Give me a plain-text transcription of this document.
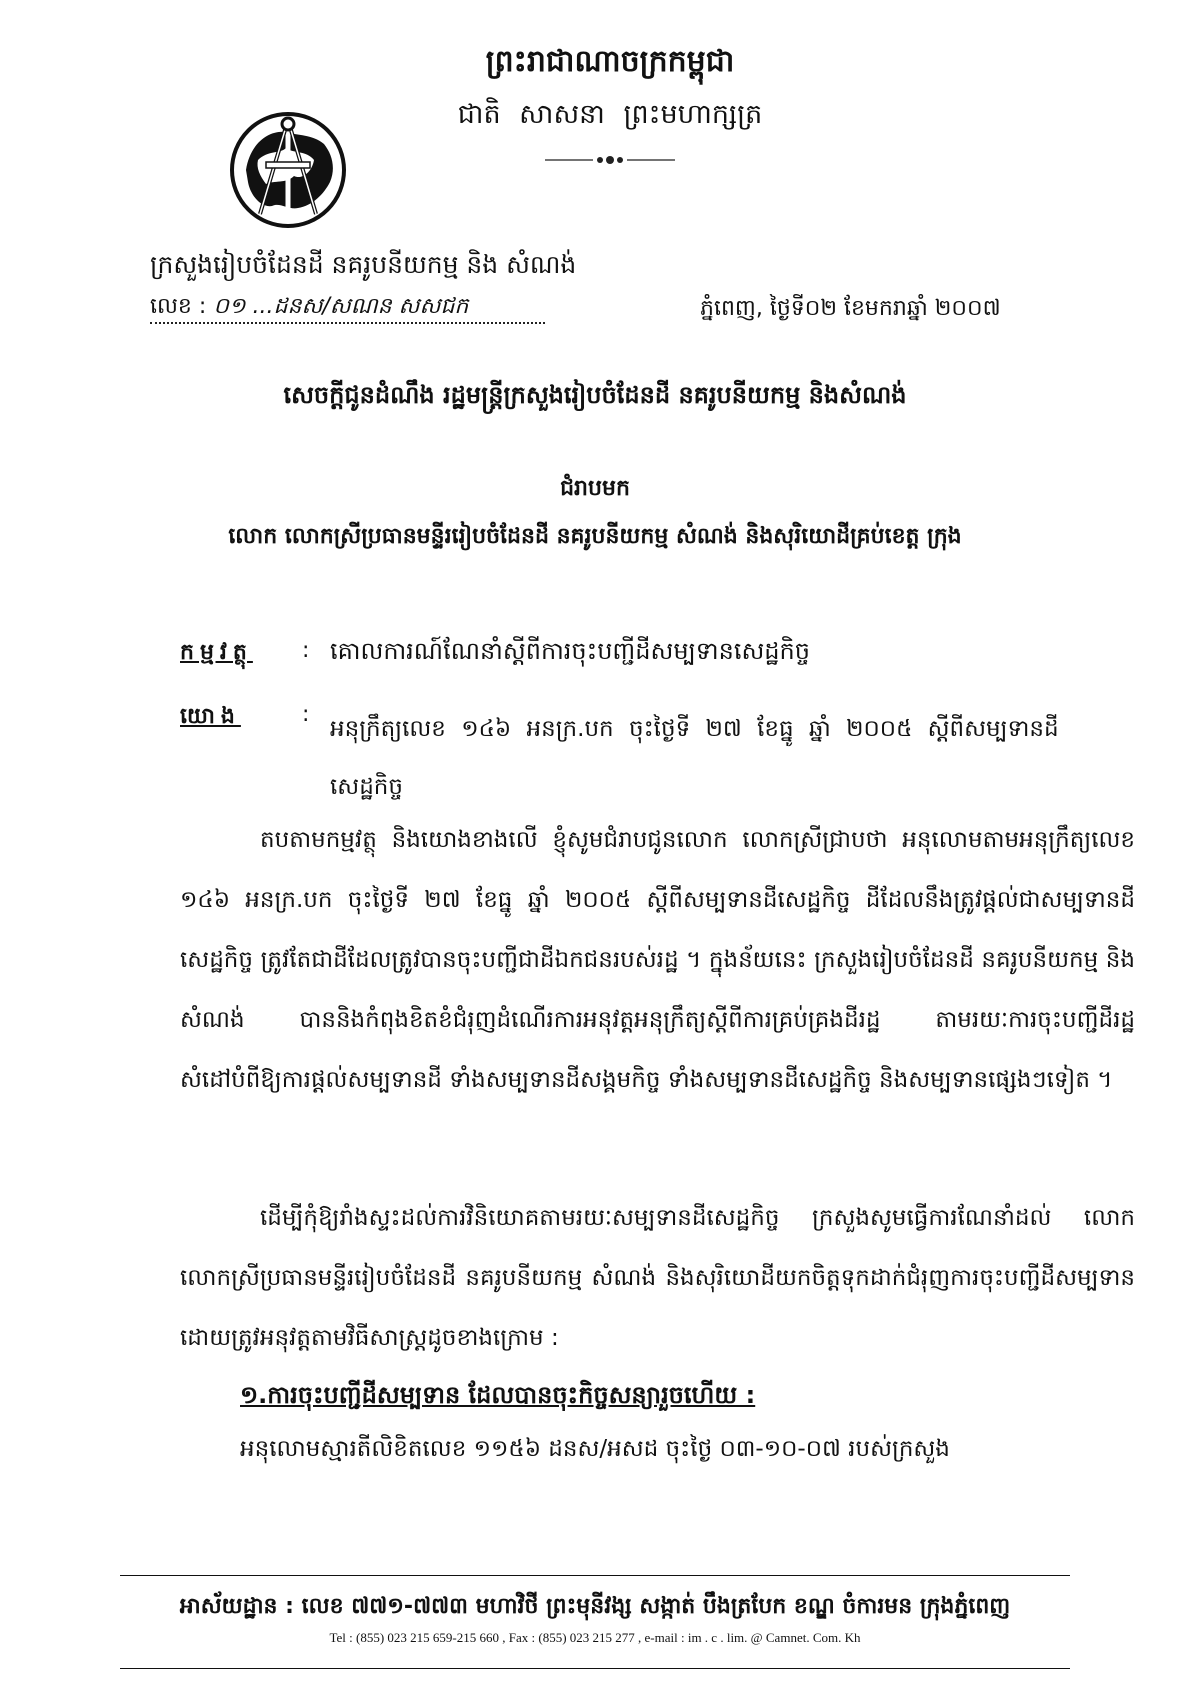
ព្រះរាជាណាចក្រកម្ពុជា
ជាតិ សាសនា ព្រះមហាក្សត្រ
ក្រសួងរៀបចំដែនដី នគរូបនីយកម្ម និង សំណង់
លេខ : ០១ ...ដនស/សណន សសជក	ភ្នំពេញ, ថ្ងៃទី០២ ខែមករាឆ្នាំ ២០០៧
សេចក្តីជូនដំណឹង រដ្ឋមន្ត្រីក្រសួងរៀបចំដែនដី នគរូបនីយកម្ម និងសំណង់
ជំរាបមក
លោក លោកស្រីប្រធានមន្ទីររៀបចំដែនដី នគរូបនីយកម្ម សំណង់ និងសុរិយោដីគ្រប់ខេត្ត ក្រុង
កម្មវត្ថុ : គោលការណ៍ណែនាំស្តីពីការចុះបញ្ជីដីសម្បទានសេដ្ឋកិច្ច
យោង	:
អនុក្រឹត្យលេខ ១៤៦ អនក្រ.បក ចុះថ្ងៃទី ២៧ ខែធ្នូ ឆ្នាំ ២០០៥ ស្តីពីសម្បទានដីសេដ្ឋកិច្ច
តបតាមកម្មវត្ថុ និងយោងខាងលើ ខ្ញុំសូមជំរាបជូនលោក លោកស្រីជ្រាបថា អនុលោមតាមអនុក្រឹត្យលេខ ១៤៦ អនក្រ.បក ចុះថ្ងៃទី ២៧ ខែធ្នូ ឆ្នាំ ២០០៥ ស្តីពីសម្បទានដីសេដ្ឋកិច្ច ដីដែលនឹងត្រូវផ្តល់ជាសម្បទានដីសេដ្ឋកិច្ច ត្រូវតែជាដីដែលត្រូវបានចុះបញ្ជីជាដីឯកជនរបស់រដ្ឋ ។ ក្នុងន័យនេះ ក្រសួងរៀបចំដែនដី នគរូបនីយកម្ម និងសំណង់ បាននិងកំពុងខិតខំជំរុញដំណើរការអនុវត្តអនុក្រឹត្យស្តីពីការគ្រប់គ្រងដីរដ្ឋ តាមរយៈការចុះបញ្ជីដីរដ្ឋសំដៅបំពីឱ្យការផ្តល់សម្បទានដី ទាំងសម្បទានដីសង្គមកិច្ច ទាំងសម្បទានដីសេដ្ឋកិច្ច និងសម្បទានផ្សេងៗទៀត ។
ដើម្បីកុំឱ្យរាំងស្ទះដល់ការវិនិយោគតាមរយៈសម្បទានដីសេដ្ឋកិច្ច ក្រសួងសូមធ្វើការណែនាំដល់ លោក លោកស្រីប្រធានមន្ទីររៀបចំដែនដី នគរូបនីយកម្ម សំណង់ និងសុរិយោដីយកចិត្តទុកដាក់ជំរុញការចុះបញ្ជីដីសម្បទាន ដោយត្រូវអនុវត្តតាមវិធីសាស្ត្រដូចខាងក្រោម :
១.ការចុះបញ្ជីដីសម្បទាន ដែលបានចុះកិច្ចសន្យារួចហើយ :
អនុលោមស្មារតីលិខិតលេខ ១១៥៦ ដនស/អសដ ចុះថ្ងៃ ០៣-១០-០៧ របស់ក្រសួង
អាស័យដ្ឋាន : លេខ ៧៧១-៧៧៣ មហាវិថី ព្រះមុនីវង្ស សង្កាត់ បឹងត្របែក ខណ្ឌ ចំការមន ក្រុងភ្នំពេញ
Tel : (855) 023 215 659-215 660 , Fax : (855) 023 215 277 , e-mail : im . c . lim. @ Camnet. Com. Kh
